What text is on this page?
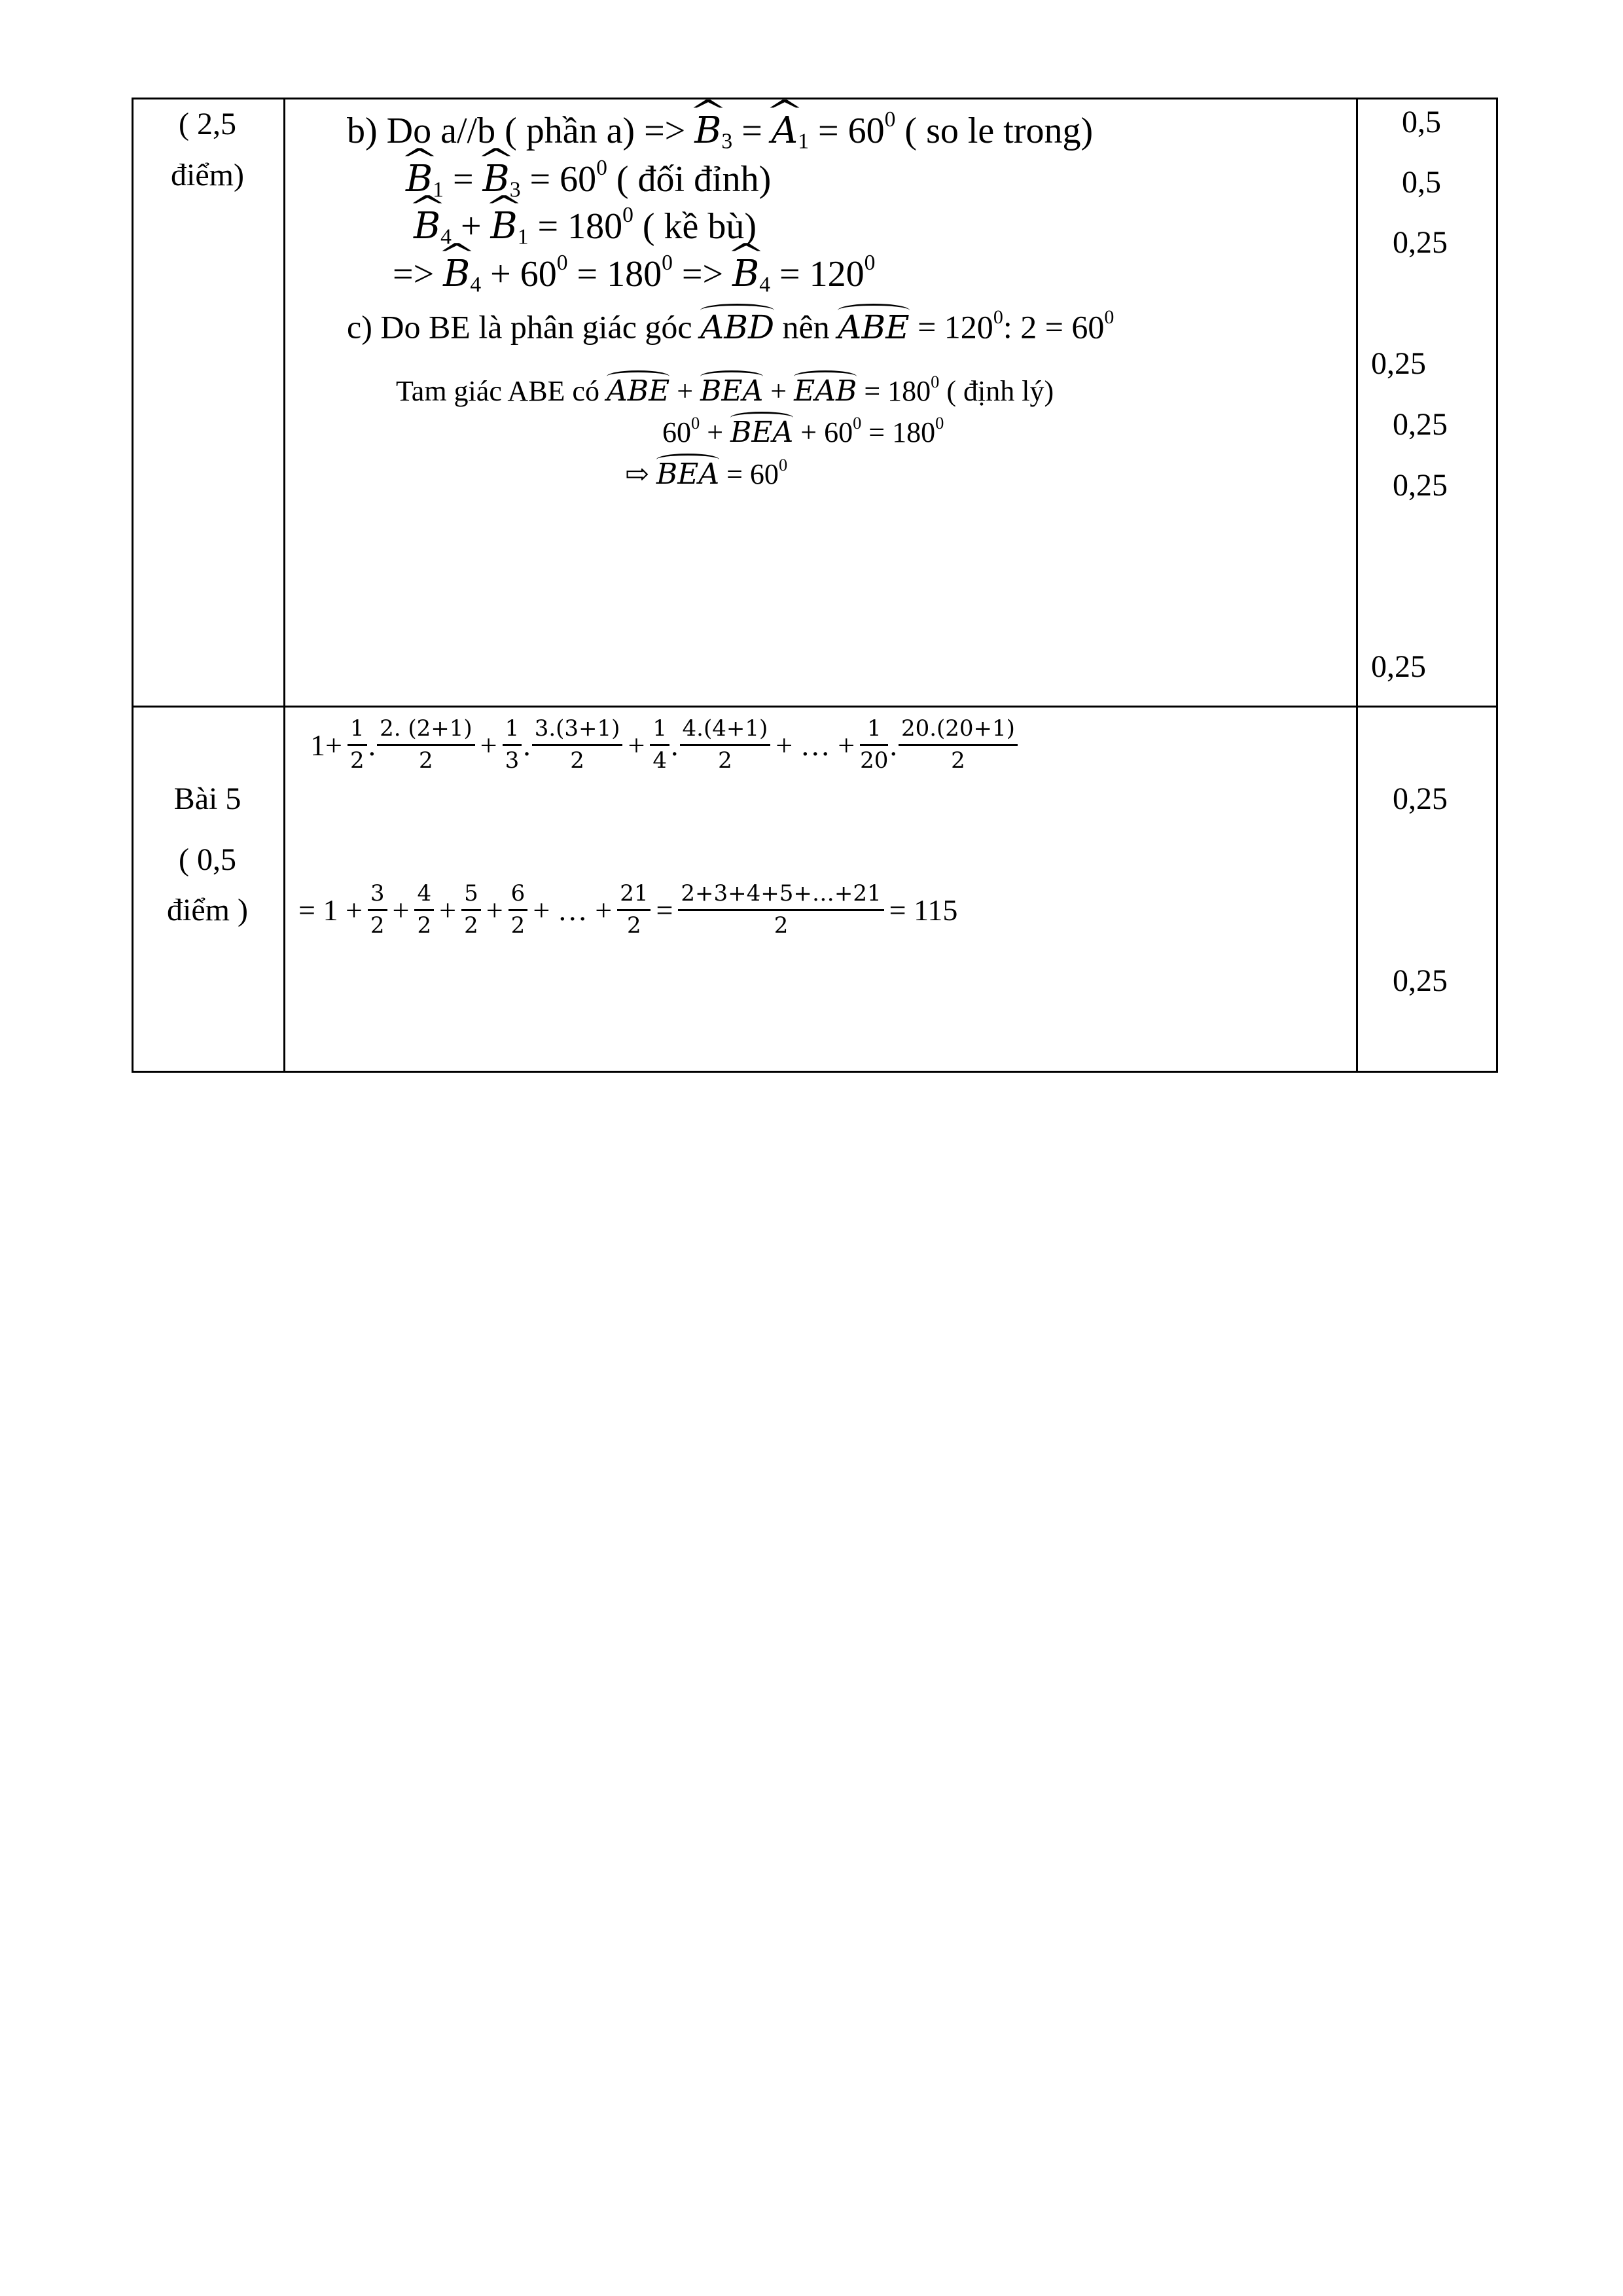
( 2,5
điểm)
b) Do a//b ( phần a) => ^ $B_3$ = ^ $A_1 = 60^0$ ( so le trong)
^ $B_1$ = ^ $B_3 = 60^0$ ( đối đỉnh)
^ $B_4$ + ^ $B_1 = 180^0$ ( kề bù)
=> ^ $B_4 + 60^0 = 180^0$ => ^ $B_4 = 120^0$
c) Do BE là phân giác góc ABD nên ABE = $120^0$: $2 = 60^0$
Tam giác ABE có ABE + BEA + EAB = $180^0$ ( định lý)
$60^0$ + BEA + $60^0 = 180^0$
⇨ BEA = $60^0$
0,5
0,5
0,25
0,25
0,25
0,25
0,25
Bài 5
( 0,5
điểm )
$1+ \frac{1}{2}$ . $\frac{2. (2+1)}{2} + \frac{1}{3}$ . $\frac{3.(3+1)}{2} + \frac{1}{4}$ . $\frac{4.(4+1)}{2}$ + … + $\frac{1}{20}$ . $\frac{20.(20+1)}{2}$
= $1 + \frac{3}{2} + \frac{4}{2} + \frac{5}{2} + \frac{6}{2}$ + … + $\frac{21}{2} = \frac{2+3+4+5+\dots+21}{2} = 115$
0,25
0,25
